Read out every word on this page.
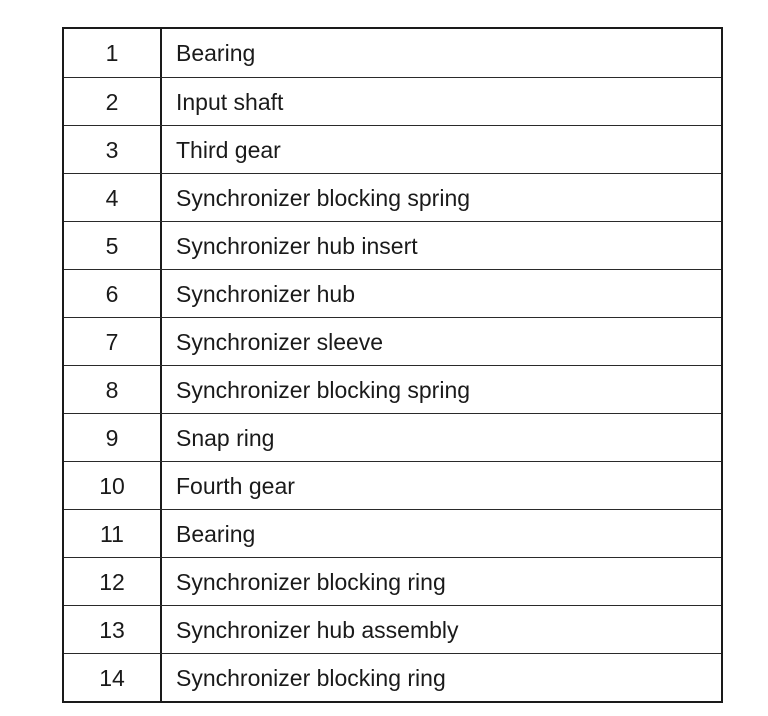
1	Bearing
2	Input shaft
3	Third gear
4	Synchronizer blocking spring
5	Synchronizer hub insert
6	Synchronizer hub
7	Synchronizer sleeve
8	Synchronizer blocking spring
9	Snap ring
10	Fourth gear
11	Bearing
12	Synchronizer blocking ring
13	Synchronizer hub assembly
14	Synchronizer blocking ring
